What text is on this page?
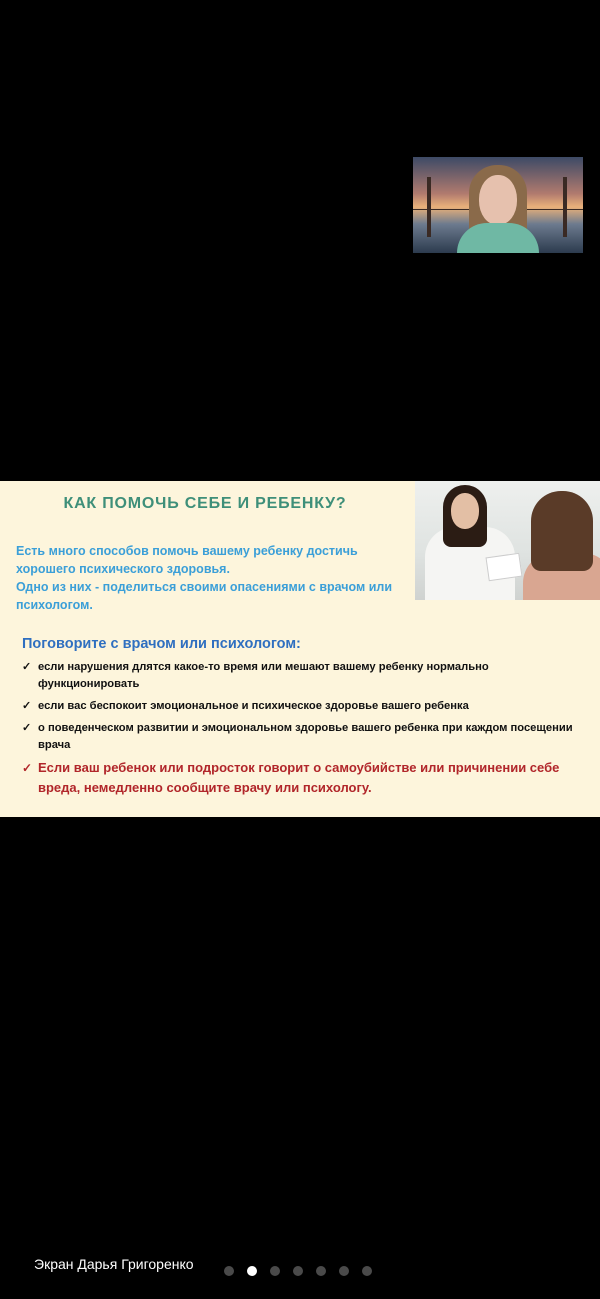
КАК ПОМОЧЬ СЕБЕ И РЕБЕНКУ?

Есть много способов помочь вашему ребенку достичь хорошего психического здоровья.

Одно из них - поделиться своими опасениями с врачом или психологом.

Поговорите с врачом или психологом:
✓ если нарушения длятся какое-то время или мешают вашему ребенку нормально функционировать
✓ если вас беспокоит эмоциональное и психическое здоровье вашего ребенка
✓ о поведенческом развитии и эмоциональном здоровье вашего ребенка при каждом посещении врача
✓ Если ваш ребенок или подросток говорит о самоубийстве или причинении себе вреда, немедленно сообщите врачу или психологу.
Экран Дарья Григоренко
